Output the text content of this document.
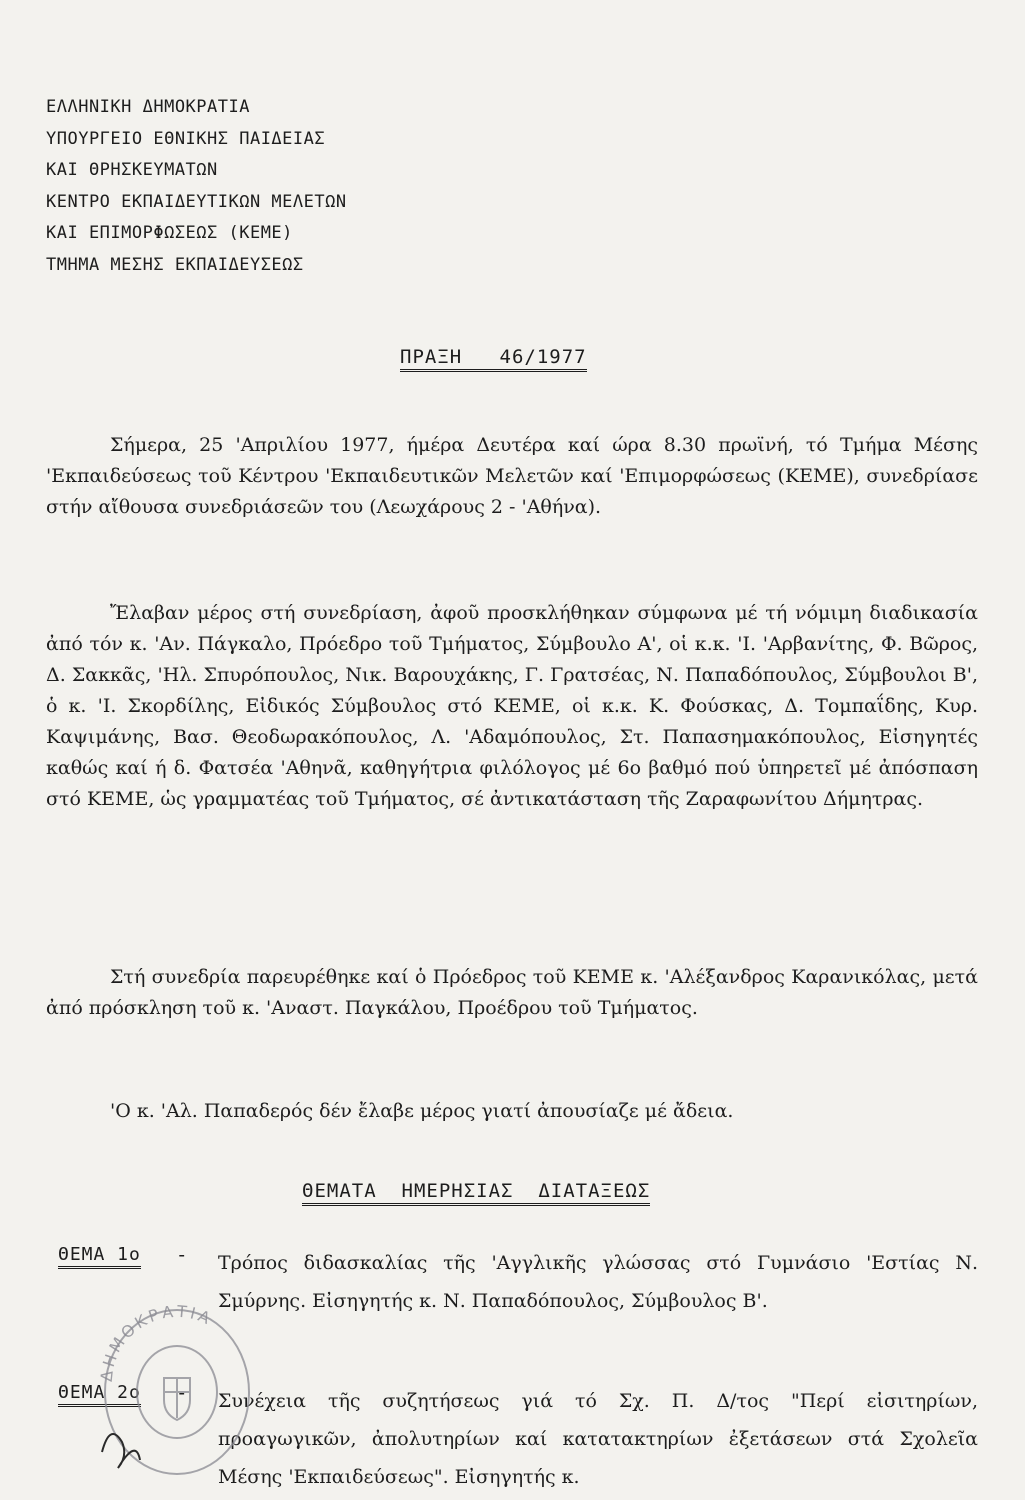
ΕΛΛΗΝΙΚΗ ΔΗΜΟΚΡΑΤΙΑ
ΥΠΟΥΡΓΕΙΟ ΕΘΝΙΚΗΣ ΠΑΙΔΕΙΑΣ
ΚΑΙ ΘΡΗΣΚΕΥΜΑΤΩΝ
ΚΕΝΤΡΟ ΕΚΠΑΙΔΕΥΤΙΚΩΝ ΜΕΛΕΤΩΝ
ΚΑΙ ΕΠΙΜΟΡΦΩΣΕΩΣ (ΚΕΜΕ)
ΤΜΗΜΑ ΜΕΣΗΣ ΕΚΠΑΙΔΕΥΣΕΩΣ
ΠΡΑΞΗ   46/1977

Σήμερα, 25 'Απριλίου 1977, ήμέρα Δευτέρα καί ώρα 8.30 πρωϊνή, τό Τμήμα Μέσης 'Εκπαιδεύσεως τοῦ Κέντρου 'Εκπαιδευτικῶν Μελετῶν καί 'Επιμορφώσεως (ΚΕΜΕ), συνεδρίασε στήν αἴθουσα συνεδριάσεῶν του (Λεωχάρους 2 - 'Αθήνα).

Ἔλαβαν μέρος στή συνεδρίαση, ἀφοῦ προσκλήθηκαν σύμφωνα μέ τή νόμιμη διαδικασία ἀπό τόν κ. 'Αν. Πάγκαλο, Πρόεδρο τοῦ Τμήματος, Σύμβουλο Α', οἱ κ.κ. 'Ι. 'Αρβανίτης, Φ. Βῶρος, Δ. Σακκᾶς, 'Ηλ. Σπυρόπουλος, Νικ. Βαρουχάκης, Γ. Γρατσέας, Ν. Παπαδόπουλος, Σύμβουλοι Β', ὁ κ. 'Ι. Σκορδίλης, Εἰδικός Σύμβουλος στό ΚΕΜΕ, οἱ κ.κ. Κ. Φούσκας, Δ. Τομπαΐδης, Κυρ. Καψιμάνης, Βασ. Θεοδωρακόπουλος, Λ. 'Αδαμόπουλος, Στ. Παπασημακόπουλος, Εἰσηγητές καθώς καί ή δ. Φατσέα 'Αθηνᾶ, καθηγήτρια φιλόλογος μέ 6ο βαθμό πού ὑπηρετεῖ μέ ἀπόσπαση στό ΚΕΜΕ, ὡς γραμματέας τοῦ Τμήματος, σέ ἀντικατάσταση τῆς Ζαραφωνίτου Δήμητρας.

Στή συνεδρία παρευρέθηκε καί ὁ Πρόεδρος τοῦ ΚΕΜΕ κ. 'Αλέξανδρος Καρανικόλας, μετά ἀπό πρόσκληση τοῦ κ. 'Αναστ. Παγκάλου, Προέδρου τοῦ Τμήματος.

'Ο κ. 'Αλ. Παπαδερός δέν ἔλαβε μέρος γιατί ἀπουσίαζε μέ ἄδεια.

ΘΕΜΑΤΑ  ΗΜΕΡΗΣΙΑΣ  ΔΙΑΤΑΞΕΩΣ
ΘΕΜΑ 1ο - Τρόπος διδασκαλίας τῆς 'Αγγλικῆς γλώσσας στό Γυμνάσιο 'Εστίας Ν. Σμύρνης. Εἰσηγητής κ. Ν. Παπαδόπουλος, Σύμβουλος Β'.
ΘΕΜΑ 2ο - Συνέχεια τῆς συζητήσεως γιά τό Σχ. Π. Δ/τος "Περί εἰσιτηρίων, προαγωγικῶν, ἀπολυτηρίων καί κατατακτηρίων ἐξετάσεων στά Σχολεῖα Μέσης 'Εκπαιδεύσεως". Εἰσηγητής κ.
ΔΗΜΟΚΡΑΤΙΑ
